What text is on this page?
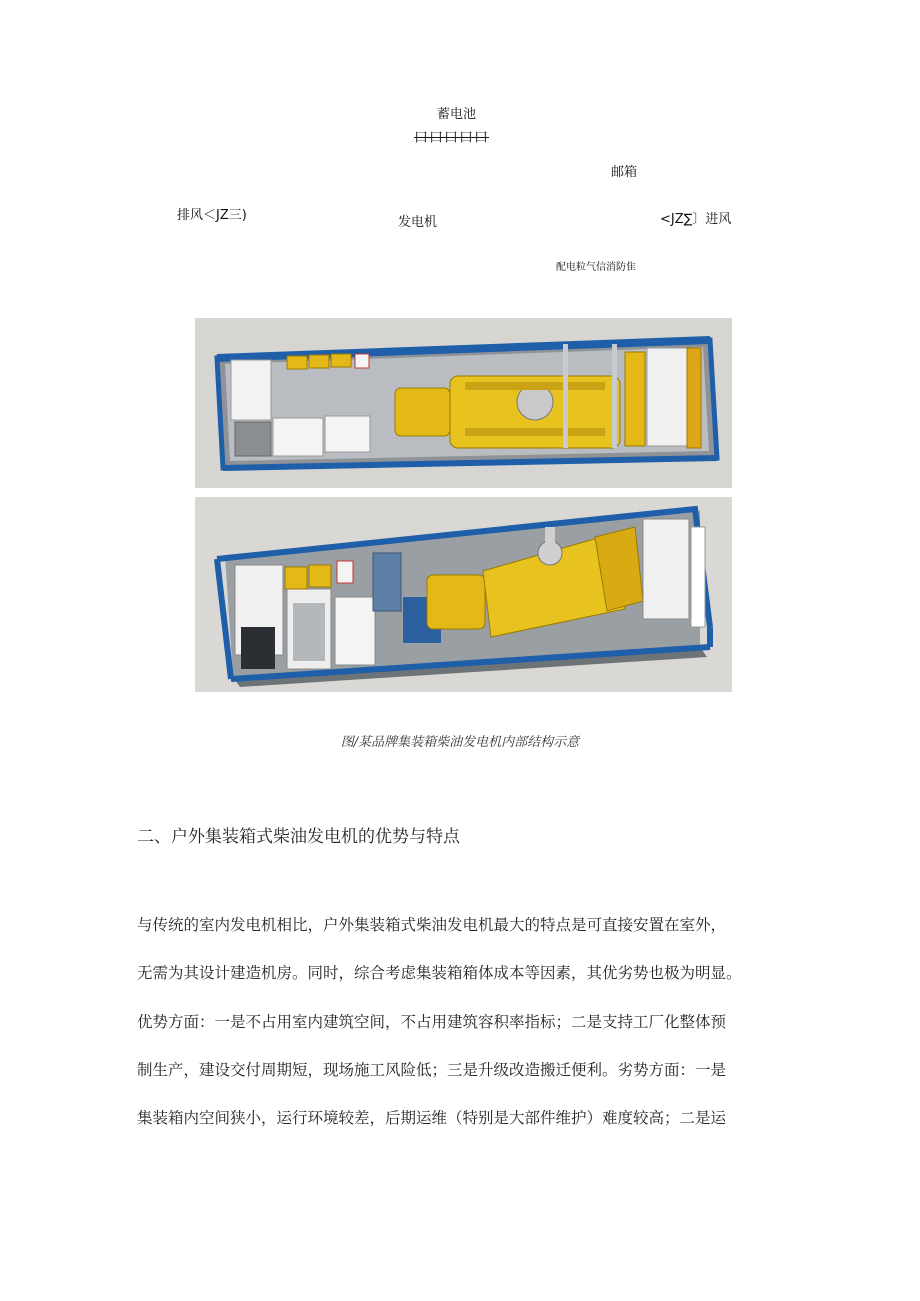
蓄电池
口口口口口
邮箱
排风＜JZ三)	发电机	<JZ∑〕进风
配电粒气信消防隹
图/某品牌集装箱柴油发电机内部结构示意
二、户外集装箱式柴油发电机的优势与特点
与传统的室内发电机相比，户外集装箱式柴油发电机最大的特点是可直接安置在室外，
无需为其设计建造机房。同时，综合考虑集装箱箱体成本等因素，其优劣势也极为明显。
优势方面：一是不占用室内建筑空间，不占用建筑容积率指标；二是支持工厂化整体预
制生产，建设交付周期短，现场施工风险低；三是升级改造搬迁便利。劣势方面：一是
集装箱内空间狭小，运行环境较差，后期运维（特别是大部件维护）难度较高；二是运
